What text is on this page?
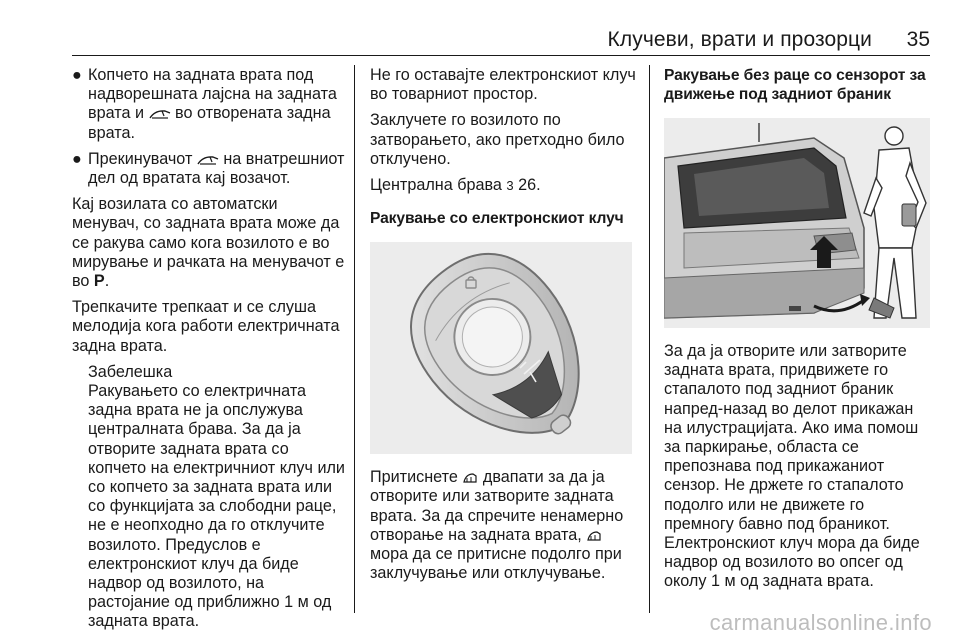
Клучеви, врати и прозорци 35
● Копчето на задната врата под надворешната лајсна на задната врата и во отворената задна врата.
● Прекинувачот на внатрешниот дел од вратата кај возачот.

Кај возилата со автоматски менувач, со задната врата може да се ракува само кога возилото е во мирување и рачката на менувачот е во P.

Трепкачите трепкаат и се слуша мелодија кога работи електричната задна врата.

Забелешка
Ракувањето со електричната задна врата не ја опслужува централната брава. За да ја отворите задната врата со копчето на електричниот клуч или со копчето за задната врата или со функцијата за слободни раце, не е неопходно да го отклучите возилото. Предуслов е електронскиот клуч да биде надвор од возилото, на растојание од приближно 1 м од задната врата.

Не го оставајте електронскиот клуч во товарниот простор.

Заклучете го возилото по затворањето, ако претходно било отклучено.

Централна брава 3 26.

Ракување со електронскиот клуч

Притиснете двапати за да ја отворите или затворите задната врата. За да спречите ненамерно отворање на задната врата,  мора да се притисне подолго при заклучување или отклучување.

Ракување без раце со сензорот за движење под задниот браник

За да ја отворите или затворите задната врата, придвижете го стапалото под задниот браник напред-назад во делот прикажан на илустрацијата. Ако има помош за паркирање, областа се препознава под прикажаниот сензор. Не држете го стапалото подолго или не движете го премногу бавно под браникот. Електронскиот клуч мора да биде надвор од возилото во опсег од околу 1 м од задната врата.

carmanualsonline.info
